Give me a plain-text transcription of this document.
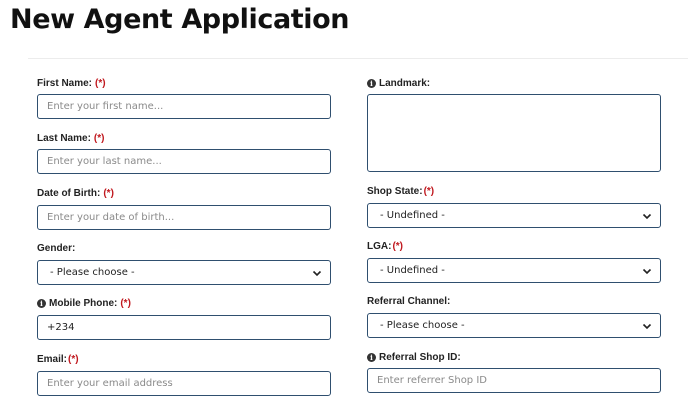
New Agent Application
First Name: (*)
Enter your first name...
Last Name: (*)
Enter your last name...
Date of Birth: (*)
Enter your date of birth...
Gender:
- Please choose -
i Mobile Phone: (*)
+234
Email: (*)
Enter your email address
i Landmark:
Shop State: (*)
- Undefined -
LGA: (*)
- Undefined -
Referral Channel:
- Please choose -
i Referral Shop ID:
Enter referrer Shop ID
